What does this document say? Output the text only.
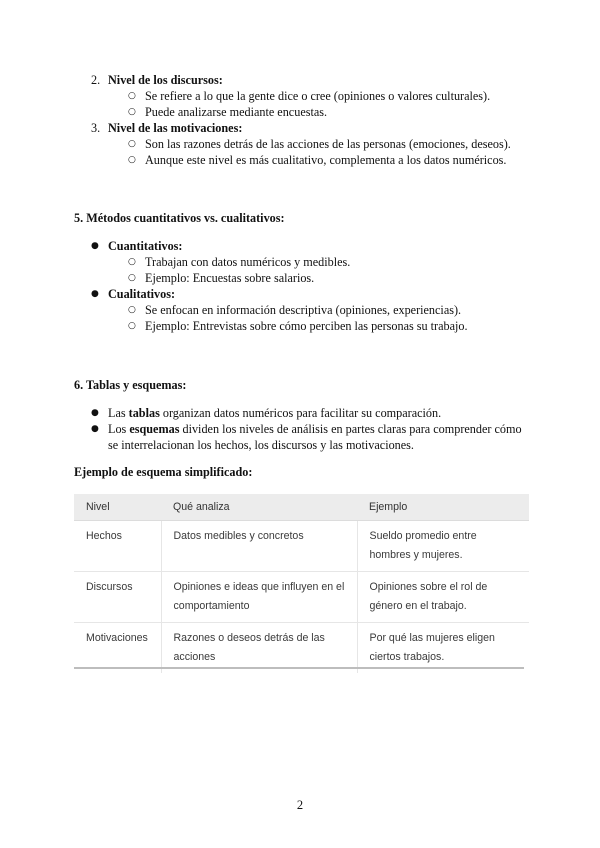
2. Nivel de los discursos:
○ Se refiere a lo que la gente dice o cree (opiniones o valores culturales).
○ Puede analizarse mediante encuestas.
3. Nivel de las motivaciones:
○ Son las razones detrás de las acciones de las personas (emociones, deseos).
○ Aunque este nivel es más cualitativo, complementa a los datos numéricos.
5. Métodos cuantitativos vs. cualitativos:
● Cuantitativos:
○ Trabajan con datos numéricos y medibles.
○ Ejemplo: Encuestas sobre salarios.
● Cualitativos:
○ Se enfocan en información descriptiva (opiniones, experiencias).
○ Ejemplo: Entrevistas sobre cómo perciben las personas su trabajo.
6. Tablas y esquemas:
● Las tablas organizan datos numéricos para facilitar su comparación.
● Los esquemas dividen los niveles de análisis en partes claras para comprender cómo
se interrelacionan los hechos, los discursos y las motivaciones.
Ejemplo de esquema simplificado:
Nivel	Qué analiza	Ejemplo
Hechos	Datos medibles y concretos	Sueldo promedio entre hombres y mujeres.
Discursos	Opiniones e ideas que influyen en el comportamiento	Opiniones sobre el rol de género en el trabajo.
Motivaciones	Razones o deseos detrás de las acciones	Por qué las mujeres eligen ciertos trabajos.
2
